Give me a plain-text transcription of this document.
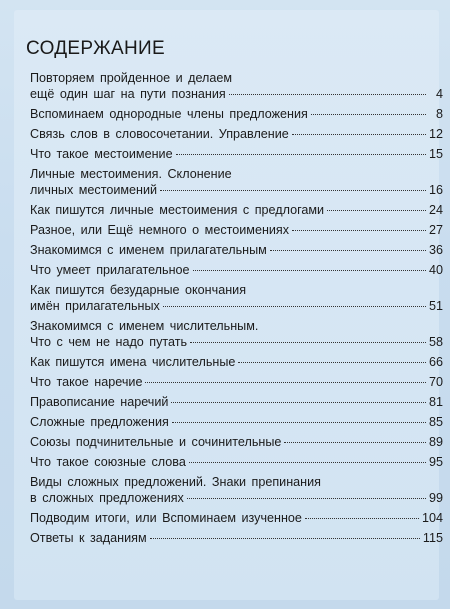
СОДЕРЖАНИЕ
Повторяем пройденное и делаем
ещё один шаг на пути познания	4
Вспоминаем однородные члены предложения	8
Связь слов в словосочетании. Управление	12
Что такое местоимение	15
Личные местоимения. Склонение
личных местоимений	16
Как пишутся личные местоимения с предлогами	24
Разное, или Ещё немного о местоимениях	27
Знакомимся с именем прилагательным	36
Что умеет прилагательное	40
Как пишутся безударные окончания
имён прилагательных	51
Знакомимся с именем числительным.
Что с чем не надо путать	58
Как пишутся имена числительные	66
Что такое наречие	70
Правописание наречий	81
Сложные предложения	85
Союзы подчинительные и сочинительные	89
Что такое союзные слова	95
Виды сложных предложений. Знаки препинания
в сложных предложениях	99
Подводим итоги, или Вспоминаем изученное	104
Ответы к заданиям	115
